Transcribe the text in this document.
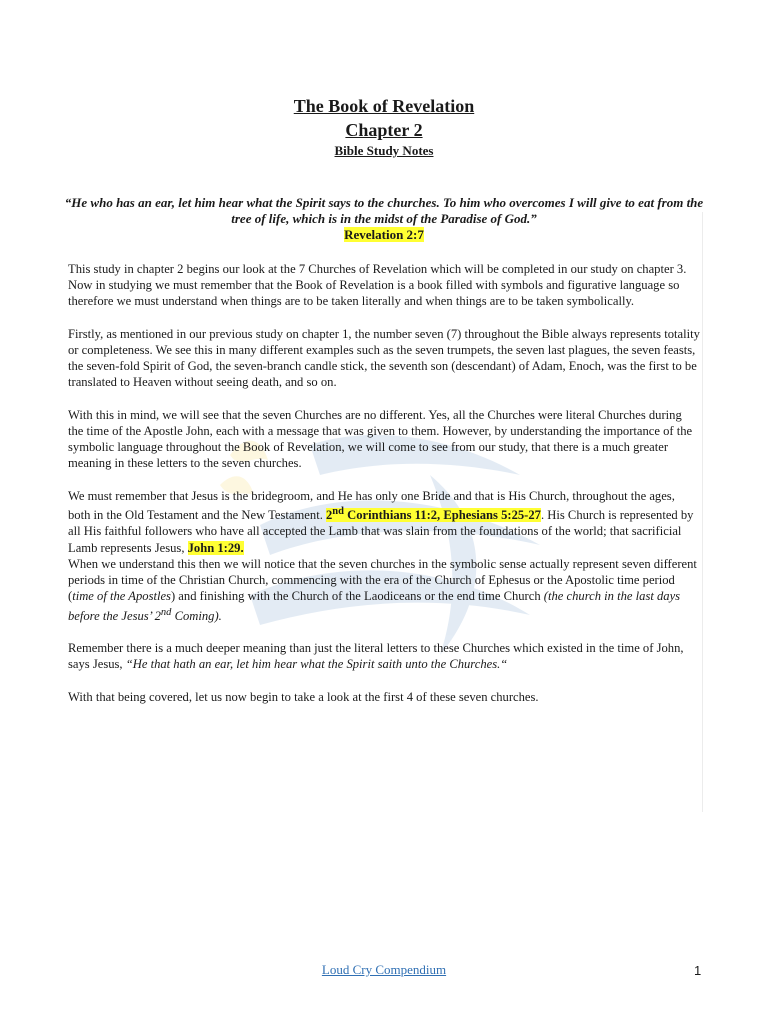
The Book of Revelation
Chapter 2
Bible Study Notes
“He who has an ear, let him hear what the Spirit says to the churches. To him who overcomes I will give to eat from the tree of life, which is in the midst of the Paradise of God.”
Revelation 2:7

This study in chapter 2 begins our look at the 7 Churches of Revelation which will be completed in our study on chapter 3.

Now in studying we must remember that the Book of Revelation is a book filled with symbols and figurative language so therefore we must understand when things are to be taken literally and when things are to be taken symbolically.

Firstly, as mentioned in our previous study on chapter 1, the number seven (7) throughout the Bible always represents totality or completeness. We see this in many different examples such as the seven trumpets, the seven last plagues, the seven feasts, the seven-fold Spirit of God, the seven-branch candle stick, the seventh son (descendant) of Adam, Enoch, was the first to be translated to Heaven without seeing death, and so on.

With this in mind, we will see that the seven Churches are no different. Yes, all the Churches were literal Churches during the time of the Apostle John, each with a message that was given to them. However, by understanding the importance of the symbolic language throughout the Book of Revelation, we will come to see from our study, that there is a much greater meaning in these letters to the seven churches.

We must remember that Jesus is the bridegroom, and He has only one Bride and that is His Church, throughout the ages, both in the Old Testament and the New Testament. 2nd Corinthians 11:2, Ephesians 5:25-27. His Church is represented by all His faithful followers who have all accepted the Lamb that was slain from the foundations of the world; that sacrificial Lamb represents Jesus, John 1:29.

When we understand this then we will notice that the seven churches in the symbolic sense actually represent seven different periods in time of the Christian Church, commencing with the era of the Church of Ephesus or the Apostolic time period (time of the Apostles) and finishing with the Church of the Laodiceans or the end time Church (the church in the last days before the Jesus’ 2nd Coming).

Remember there is a much deeper meaning than just the literal letters to these Churches which existed in the time of John, says Jesus, “He that hath an ear, let him hear what the Spirit saith unto the Churches.“

With that being covered, let us now begin to take a look at the first 4 of these seven churches.

Loud Cry Compendium	1
